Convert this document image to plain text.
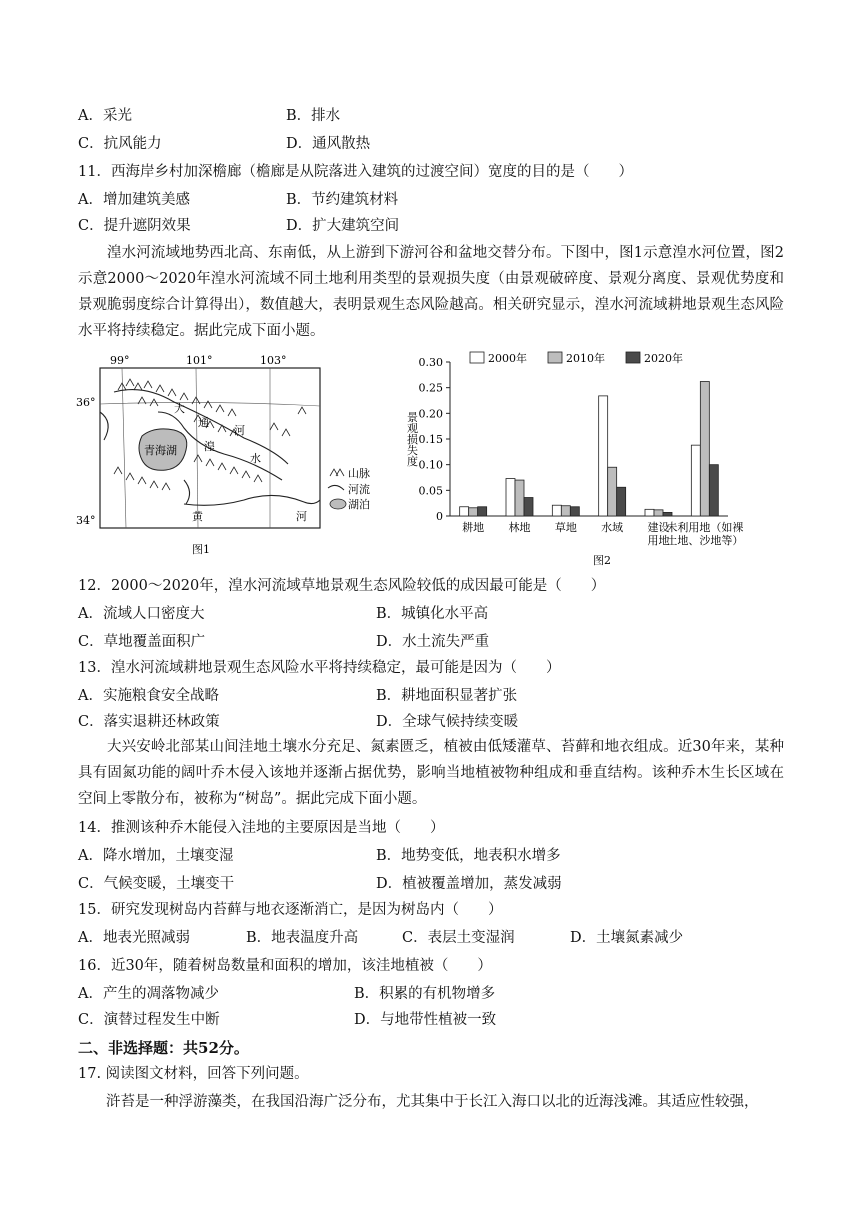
A．采光	B．排水
C．抗风能力	D．通风散热
11．西海岸乡村加深檐廊（檐廊是从院落进入建筑的过渡空间）宽度的目的是（　　）
A．增加建筑美感	B．节约建筑材料
C．提升遮阴效果	D．扩大建筑空间
湟水河流域地势西北高、东南低，从上游到下游河谷和盆地交替分布。下图中，图1示意湟水河位置，图2示意2000～2020年湟水河流域不同土地利用类型的景观损失度（由景观破碎度、景观分离度、景观优势度和景观脆弱度综合计算得出），数值越大，表明景观生态风险越高。相关研究显示，湟水河流域耕地景观生态风险水平将持续稳定。据此完成下面小题。
99°	101°	103°
36°
34°
青海湖
大
通
河
湟
水
黄	河
山脉
河流
湖泊
图1
0
0.05
0.10
0.15
0.20
0.25
0.30
景观损失度
耕地 林地 草地 水域 建设
用地
未利用地（如裸
土地、沙地等）
2000年	2010年	2020年
图2
12．2000～2020年，湟水河流域草地景观生态风险较低的成因最可能是（　　）
A．流域人口密度大	B．城镇化水平高
C．草地覆盖面积广	D．水土流失严重
13．湟水河流域耕地景观生态风险水平将持续稳定，最可能是因为（　　）
A．实施粮食安全战略	B．耕地面积显著扩张
C．落实退耕还林政策	D．全球气候持续变暖
大兴安岭北部某山间洼地土壤水分充足、氮素匮乏，植被由低矮灌草、苔藓和地衣组成。近30年来，某种具有固氮功能的阔叶乔木侵入该地并逐渐占据优势，影响当地植被物种组成和垂直结构。该种乔木生长区域在空间上零散分布，被称为“树岛”。据此完成下面小题。
14．推测该种乔木能侵入洼地的主要原因是当地（　　）
A．降水增加，土壤变湿	B．地势变低，地表积水增多
C．气候变暖，土壤变干	D．植被覆盖增加，蒸发减弱
15．研究发现树岛内苔藓与地衣逐渐消亡，是因为树岛内（　　）
A．地表光照减弱	B．地表温度升高	C．表层土变湿润	D．土壤氮素减少
16．近30年，随着树岛数量和面积的增加，该洼地植被（　　）
A．产生的凋落物减少	B．积累的有机物增多
C．演替过程发生中断	D．与地带性植被一致
二、非选择题：共52分。
17. 阅读图文材料，回答下列问题。
浒苔是一种浮游藻类，在我国沿海广泛分布，尤其集中于长江入海口以北的近海浅滩。其适应性较强，
